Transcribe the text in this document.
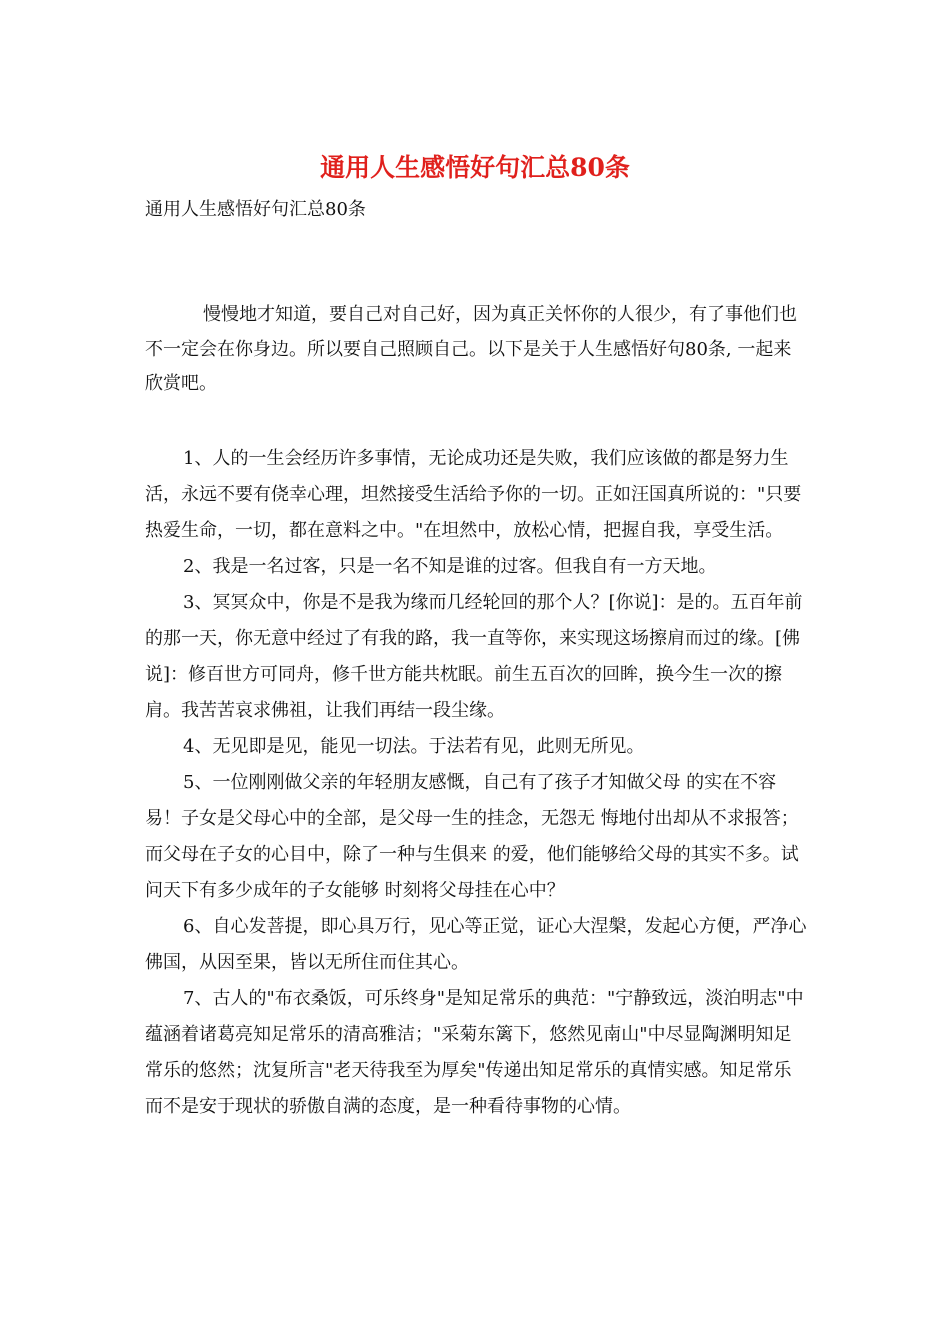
通用人生感悟好句汇总80条

通用人生感悟好句汇总80条

慢慢地才知道，要自己对自己好，因为真正关怀你的人很少，有了事他们也不一定会在你身边。所以要自己照顾自己。以下是关于人生感悟好句80条, 一起来欣赏吧。

1、人的一生会经历许多事情，无论成功还是失败，我们应该做的都是努力生活，永远不要有侥幸心理，坦然接受生活给予你的一切。正如汪国真所说的："只要热爱生命，一切，都在意料之中。"在坦然中，放松心情，把握自我，享受生活。

2、我是一名过客，只是一名不知是谁的过客。但我自有一方天地。

3、冥冥众中，你是不是我为缘而几经轮回的那个人？[你说]：是的。五百年前的那一天，你无意中经过了有我的路，我一直等你，来实现这场擦肩而过的缘。[佛说]：修百世方可同舟，修千世方能共枕眠。前生五百次的回眸，换今生一次的擦肩。我苦苦哀求佛祖，让我们再结一段尘缘。

4、无见即是见，能见一切法。于法若有见，此则无所见。

5、一位刚刚做父亲的年轻朋友感慨，自己有了孩子才知做父母 的实在不容易！子女是父母心中的全部，是父母一生的挂念，无怨无 悔地付出却从不求报答；而父母在子女的心目中，除了一种与生俱来 的爱，他们能够给父母的其实不多。试问天下有多少成年的子女能够 时刻将父母挂在心中？

6、自心发菩提，即心具万行，见心等正觉，证心大涅槃，发起心方便，严净心佛国，从因至果，皆以无所住而住其心。

7、古人的"布衣桑饭，可乐终身"是知足常乐的典范："宁静致远，淡泊明志"中蕴涵着诸葛亮知足常乐的清高雅洁；"采菊东篱下，悠然见南山"中尽显陶渊明知足常乐的悠然；沈复所言"老天待我至为厚矣"传递出知足常乐的真情实感。知足常乐而不是安于现状的骄傲自满的态度，是一种看待事物的心情。
